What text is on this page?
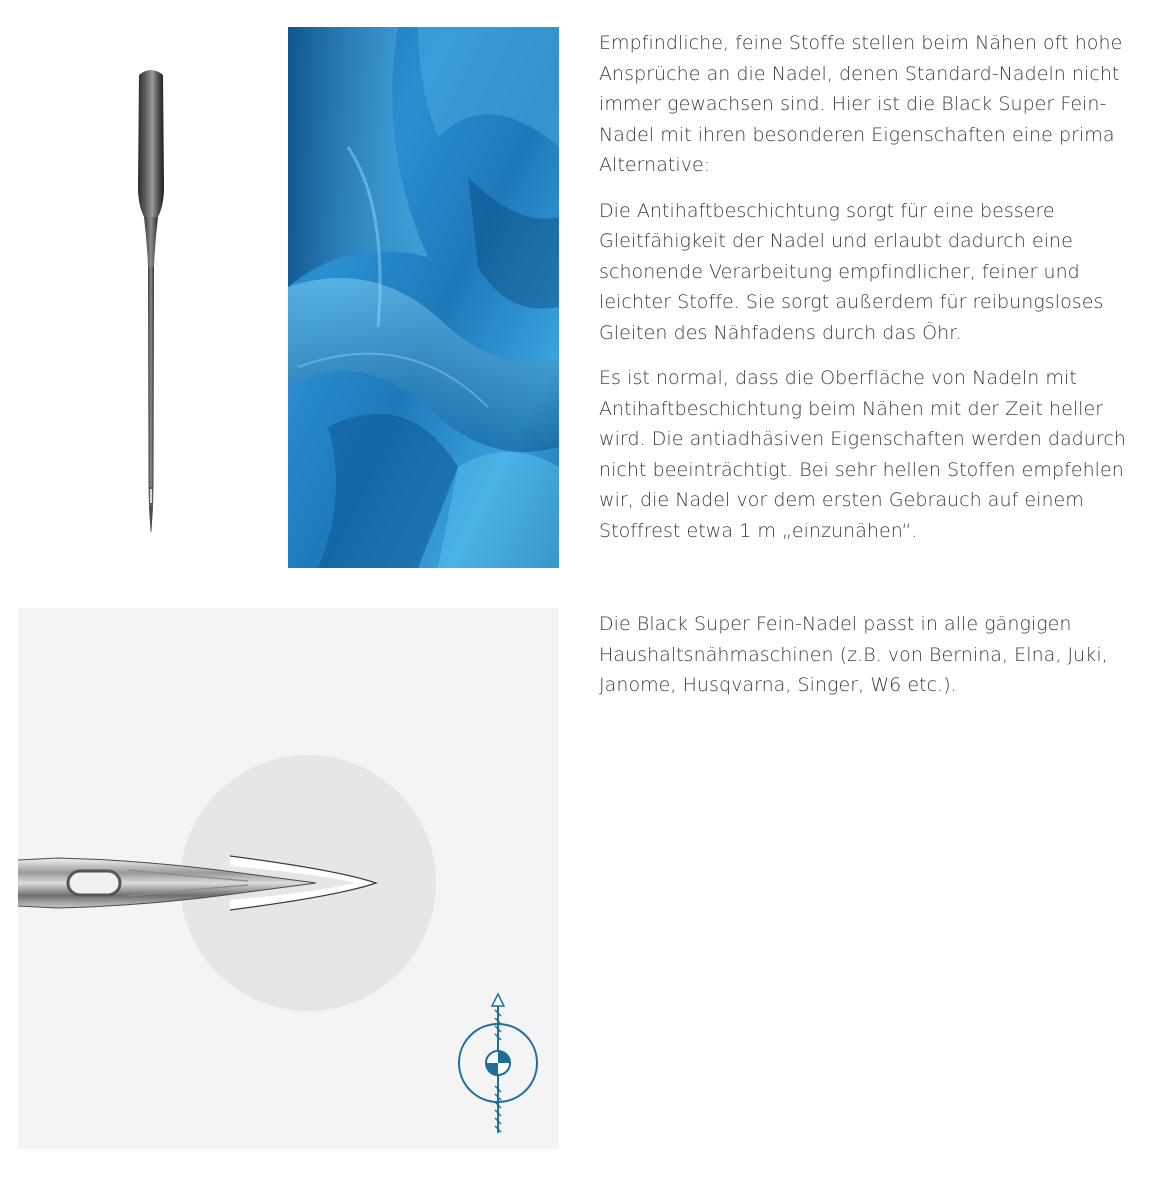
Empfindliche, feine Stoffe stellen beim Nähen oft hohe Ansprüche an die Nadel, denen Standard-Nadeln nicht immer gewachsen sind. Hier ist die Black Super Fein-Nadel mit ihren besonderen Eigenschaften eine prima Alternative:

Die Antihaftbeschichtung sorgt für eine bessere Gleitfähigkeit der Nadel und erlaubt dadurch eine schonende Verarbeitung empfindlicher, feiner und leichter Stoffe. Sie sorgt außerdem für reibungsloses Gleiten des Nähfadens durch das Öhr.

Es ist normal, dass die Oberfläche von Nadeln mit Antihaftbeschichtung beim Nähen mit der Zeit heller wird. Die antiadhäsiven Eigenschaften werden dadurch nicht beeinträchtigt. Bei sehr hellen Stoffen empfehlen wir, die Nadel vor dem ersten Gebrauch auf einem Stoffrest etwa 1 m „einzunähen“.

Die Black Super Fein-Nadel passt in alle gängigen Haushaltsnähmaschinen (z.B. von Bernina, Elna, Juki, Janome, Husqvarna, Singer, W6 etc.).
